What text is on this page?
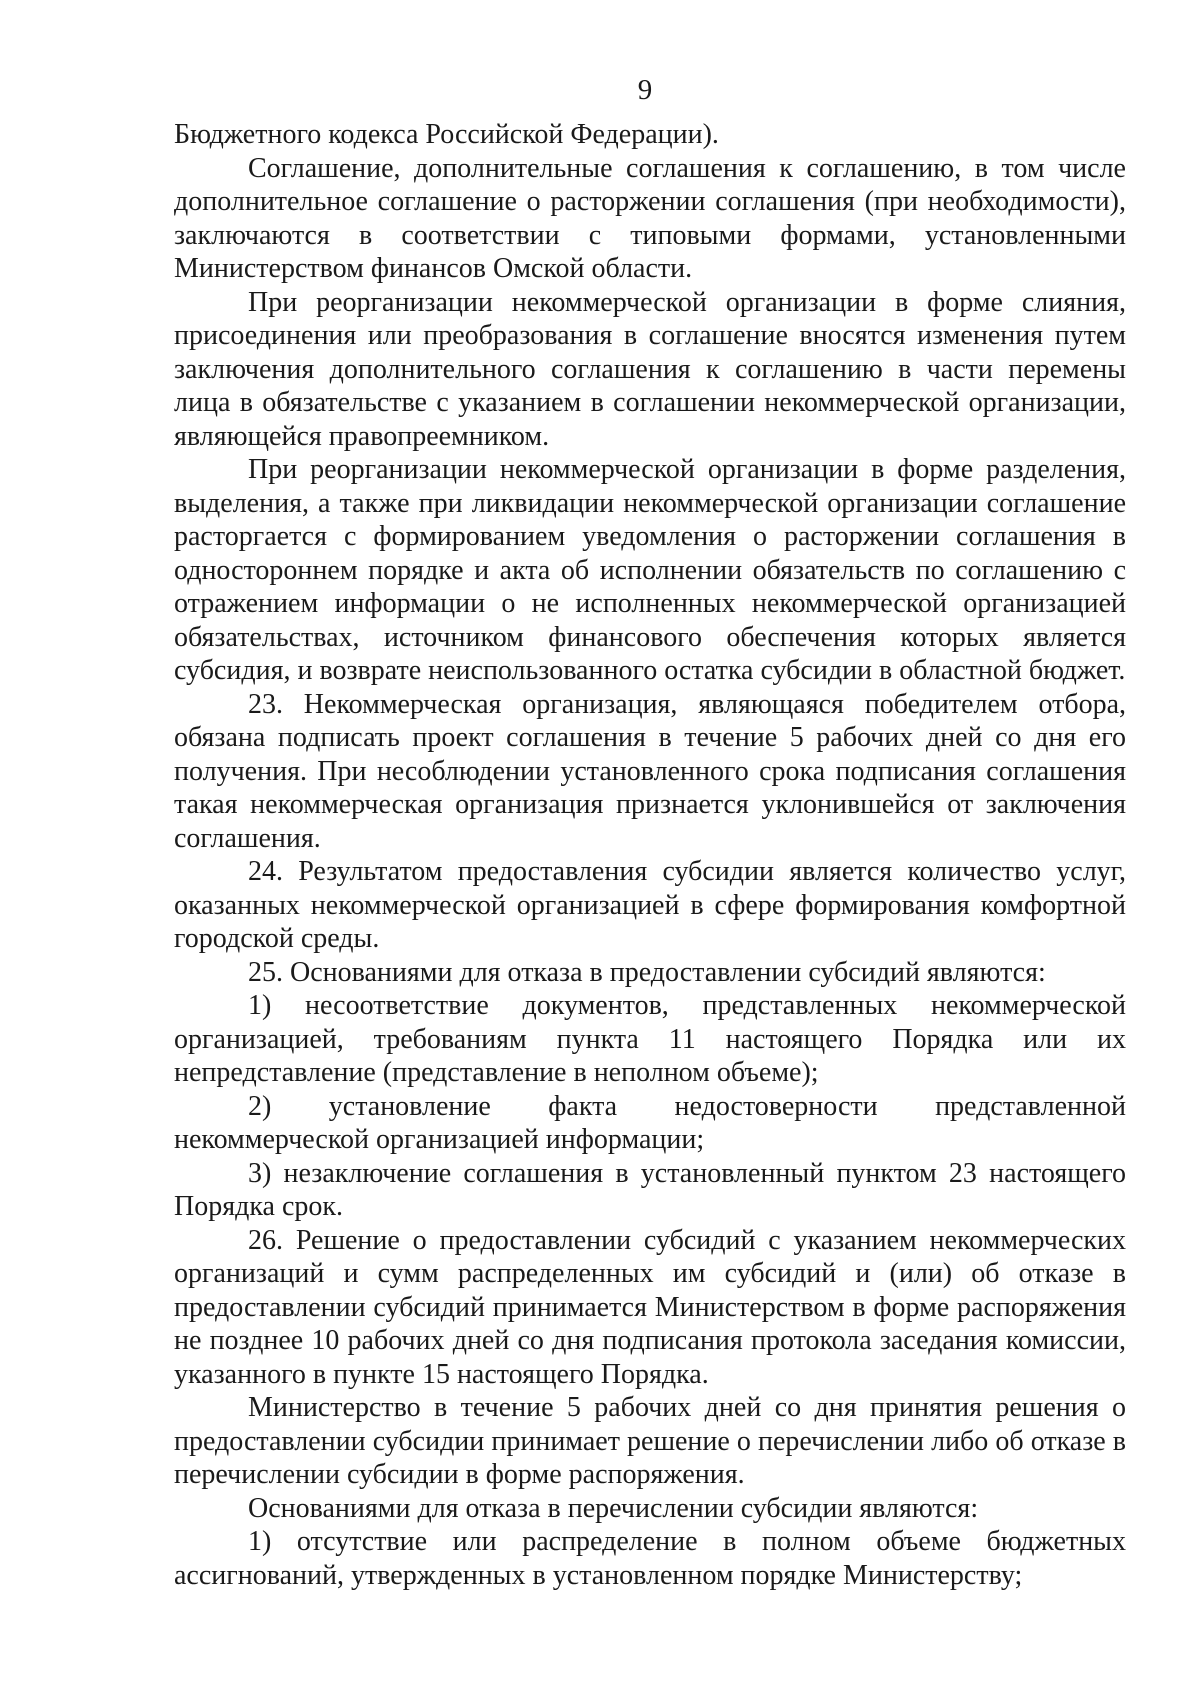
9

Бюджетного кодекса Российской Федерации).

Соглашение, дополнительные соглашения к соглашению, в том числе дополнительное соглашение о расторжении соглашения (при необходимости), заключаются в соответствии с типовыми формами, установленными Министерством финансов Омской области.

При реорганизации некоммерческой организации в форме слияния, присоединения или преобразования в соглашение вносятся изменения путем заключения дополнительного соглашения к соглашению в части перемены лица в обязательстве с указанием в соглашении некоммерческой организации, являющейся правопреемником.

При реорганизации некоммерческой организации в форме разделения, выделения, а также при ликвидации некоммерческой организации соглашение расторгается с формированием уведомления о расторжении соглашения в одностороннем порядке и акта об исполнении обязательств по соглашению с отражением информации о не исполненных некоммерческой организацией обязательствах, источником финансового обеспечения которых является субсидия, и возврате неиспользованного остатка субсидии в областной бюджет.

23. Некоммерческая организация, являющаяся победителем отбора, обязана подписать проект соглашения в течение 5 рабочих дней со дня его получения. При несоблюдении установленного срока подписания соглашения такая некоммерческая организация признается уклонившейся от заключения соглашения.

24. Результатом предоставления субсидии является количество услуг, оказанных некоммерческой организацией в сфере формирования комфортной городской среды.

25. Основаниями для отказа в предоставлении субсидий являются:

1) несоответствие документов, представленных некоммерческой организацией, требованиям пункта 11 настоящего Порядка или их непредставление (представление в неполном объеме);

2) установление факта недостоверности представленной некоммерческой организацией информации;

3) незаключение соглашения в установленный пунктом 23 настоящего Порядка срок.

26. Решение о предоставлении субсидий с указанием некоммерческих организаций и сумм распределенных им субсидий и (или) об отказе в предоставлении субсидий принимается Министерством в форме распоряжения не позднее 10 рабочих дней со дня подписания протокола заседания комиссии, указанного в пункте 15 настоящего Порядка.

Министерство в течение 5 рабочих дней со дня принятия решения о предоставлении субсидии принимает решение о перечислении либо об отказе в перечислении субсидии в форме распоряжения.

Основаниями для отказа в перечислении субсидии являются:

1) отсутствие или распределение в полном объеме бюджетных ассигнований, утвержденных в установленном порядке Министерству;
